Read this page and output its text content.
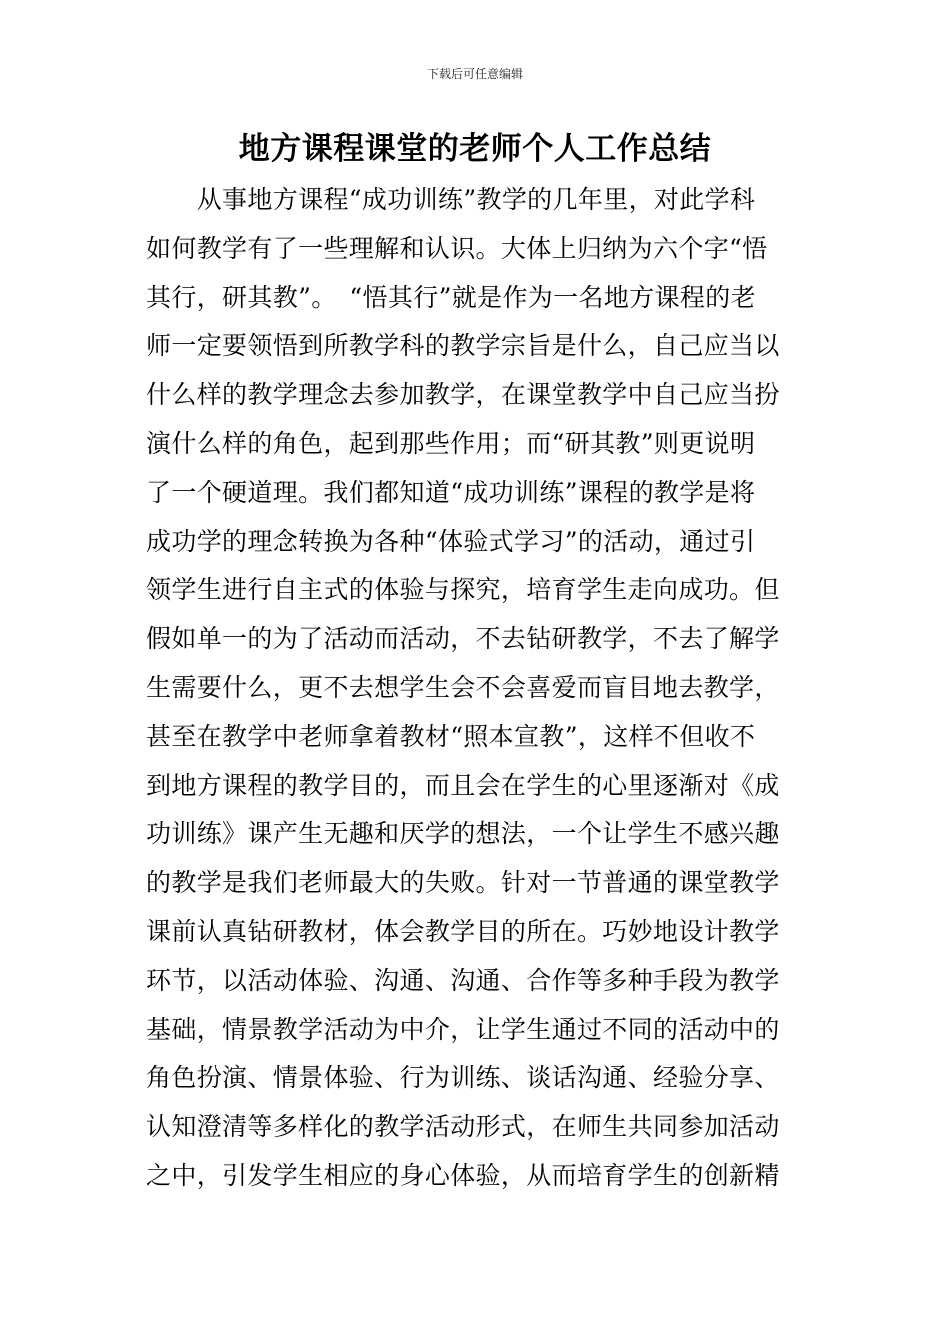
下载后可任意编辑
地方课程课堂的老师个人工作总结
　　从事地方课程“成功训练”教学的几年里，对此学科
如何教学有了一些理解和认识。大体上归纳为六个字“悟
其行，研其教”。　“悟其行”就是作为一名地方课程的老
师一定要领悟到所教学科的教学宗旨是什么，自己应当以
什么样的教学理念去参加教学，在课堂教学中自己应当扮
演什么样的角色，起到那些作用；而“研其教”则更说明
了一个硬道理。我们都知道“成功训练”课程的教学是将
成功学的理念转换为各种“体验式学习”的活动，通过引
领学生进行自主式的体验与探究，培育学生走向成功。但
假如单一的为了活动而活动，不去钻研教学，不去了解学
生需要什么，更不去想学生会不会喜爱而盲目地去教学，
甚至在教学中老师拿着教材“照本宣教”，这样不但收不
到地方课程的教学目的，而且会在学生的心里逐渐对《成
功训练》课产生无趣和厌学的想法，一个让学生不感兴趣
的教学是我们老师最大的失败。针对一节普通的课堂教学
课前认真钻研教材，体会教学目的所在。巧妙地设计教学
环节，以活动体验、沟通、沟通、合作等多种手段为教学
基础，情景教学活动为中介，让学生通过不同的活动中的
角色扮演、情景体验、行为训练、谈话沟通、经验分享、
认知澄清等多样化的教学活动形式，在师生共同参加活动
之中，引发学生相应的身心体验，从而培育学生的创新精
